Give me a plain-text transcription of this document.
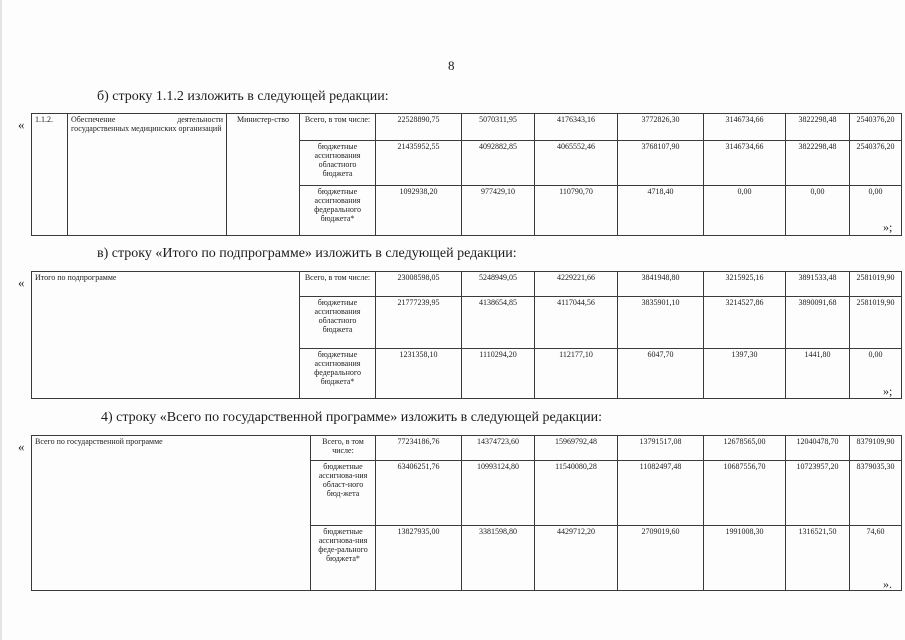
8
б) строку 1.1.2 изложить в следующей редакции:
« 1.1.2.	Обеспечение деятельности государственных медицинских организаций	Министер-ство	Всего, в том числе:	22528890,75	5070311,95	4176343,16	3772826,30	3146734,66	3822298,48	2540376,20
			бюджетные ассигнования областного бюджета	21435952,55	4092882,85	4065552,46	3768107,90	3146734,66	3822298,48	2540376,20
			бюджетные ассигнования федерального бюджета*	1092938,20	977429,10	110790,70	4718,40	0,00	0,00	0,00
»;
в) строку «Итого по подпрограмме» изложить в следующей редакции:
« Итого по подпрограмме	Всего, в том числе:	23008598,05	5248949,05	4229221,66	3841948,80	3215925,16	3891533,48	2581019,90
	бюджетные ассигнования областного бюджета	21777239,95	4138654,85	4117044,56	3835901,10	3214527,86	3890091,68	2581019,90
	бюджетные ассигнования федерального бюджета*	1231358,10	1110294,20	112177,10	6047,70	1397,30	1441,80	0,00
»;
4) строку «Всего по государственной программе» изложить в следующей редакции:
« Всего по государственной программе	Всего, в том числе:	77234186,76	14374723,60	15969792,48	13791517,08	12678565,00	12040478,70	8379109,90
	бюджетные ассигнова-ния област-ного бюд-жета	63406251,76	10993124,80	11540080,28	11082497,48	10687556,70	10723957,20	8379035,30
	бюджетные ассигнова-ния феде-рального бюджета*	13827935,00	3381598,80	4429712,20	2709019,60	1991008,30	1316521,50	74,60
».
